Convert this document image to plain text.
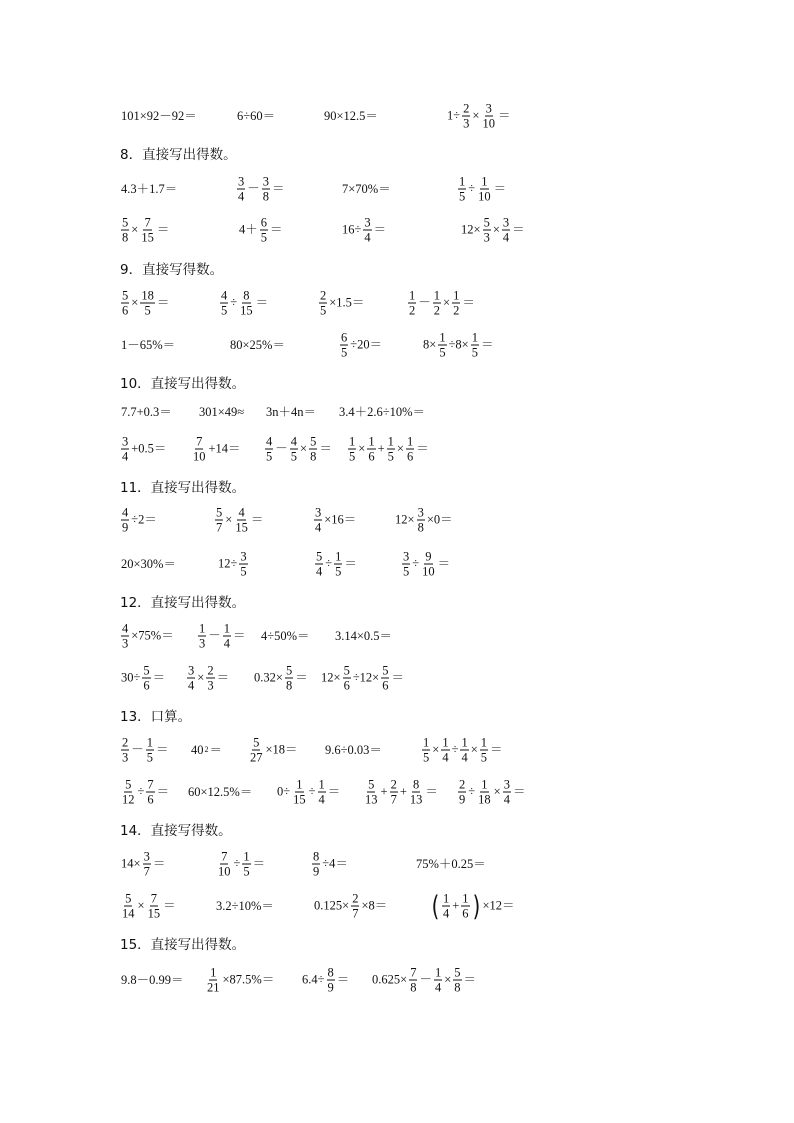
101×92－92＝	6÷60＝	90×12.5＝	$1\div \frac{2}{3} \times \frac{3}{10}$ ＝
8．直接写出得数。
4.3＋1.7＝	$\frac{3}{4} - \frac{3}{8}$ ＝	7×70%＝	$\frac{1}{5} \div \frac{1}{10}$ ＝
$\frac{5}{8} \times \frac{7}{15}$ ＝	$4+ \frac{6}{5}$ ＝	$16\div \frac{3}{4}$ ＝	$12\times \frac{5}{3} \times \frac{3}{4}$ ＝
9．直接写得数。
$\frac{5}{6} \times \frac{18}{5}$ ＝	$\frac{4}{5} \div \frac{8}{15}$ ＝	$\frac{2}{5} \times 1.5=$	$\frac{1}{2} - \frac{1}{2} \times \frac{1}{2}$ ＝
1－65%＝	80×25%＝	$\frac{6}{5} \div 20=$	$8\times \frac{1}{5} \div 8\times \frac{1}{5}$ ＝
10．直接写出得数。
7.7+0.3＝ 301×49≈ 3n＋4n＝ 3.4＋2.6÷10%＝
$\frac{3}{4} +0.5= \frac{7}{10} +14= \frac{4}{5} - \frac{4}{5} \times \frac{5}{8} = \frac{1}{5} \times \frac{1}{6} + \frac{1}{5} \times \frac{1}{6}$ ＝
11．直接写出得数。
$\frac{4}{9} \div 2=$	$\frac{5}{7} \times \frac{4}{15}$ ＝	$\frac{3}{4} \times 16=$	$12\times \frac{3}{8} \times 0=$
20×30%＝	$12\div \frac{3}{5}$	$\frac{5}{4} \div \frac{1}{5}$ ＝	$\frac{3}{5} \div \frac{9}{10}$ ＝
12．直接写出得数。
$\frac{4}{3} \times 75\%= \frac{1}{3} - \frac{1}{4} = 4\div 50\%= 3.14\times 0.5=$
$30\div \frac{5}{6} = \frac{3}{4} \times \frac{2}{3} = 0.32\times \frac{5}{8} = 12\times \frac{5}{6} \div 12\times \frac{5}{6}$ ＝
13．口算。
$\frac{2}{3} - \frac{1}{5} = 40$ $2 = \frac{5}{27} \times 18= 9.6\div 0.03=$	$\frac{1}{5} \times \frac{1}{4} \div \frac{1}{4} \times \frac{1}{5}$ ＝
$\frac{5}{12} \div \frac{7}{6} = 60\times 12.5\%= 0\div \frac{1}{15} \div \frac{1}{4} = \frac{5}{13} + \frac{2}{7} + \frac{8}{13} = \frac{2}{9} \div \frac{1}{18} \times \frac{3}{4}$ ＝
14．直接写得数。
$14\times \frac{3}{7}$ ＝	$\frac{7}{10} \div \frac{1}{5}$ ＝	$\frac{8}{9} \div 4=$	75%＋0.25＝
$\frac{5}{14} \times \frac{7}{15}$ ＝	3.2÷10%＝	$0.125\times \frac{2}{7} \times 8=$ ( $\frac{1}{4} + \frac{1}{6}$ ) ×12＝
15．直接写出得数。
$9.8-0.99= \frac{1}{21} \times 87.5\%= 6.4\div \frac{8}{9} = 0.625\times \frac{7}{8} - \frac{1}{4} \times \frac{5}{8}$ ＝
